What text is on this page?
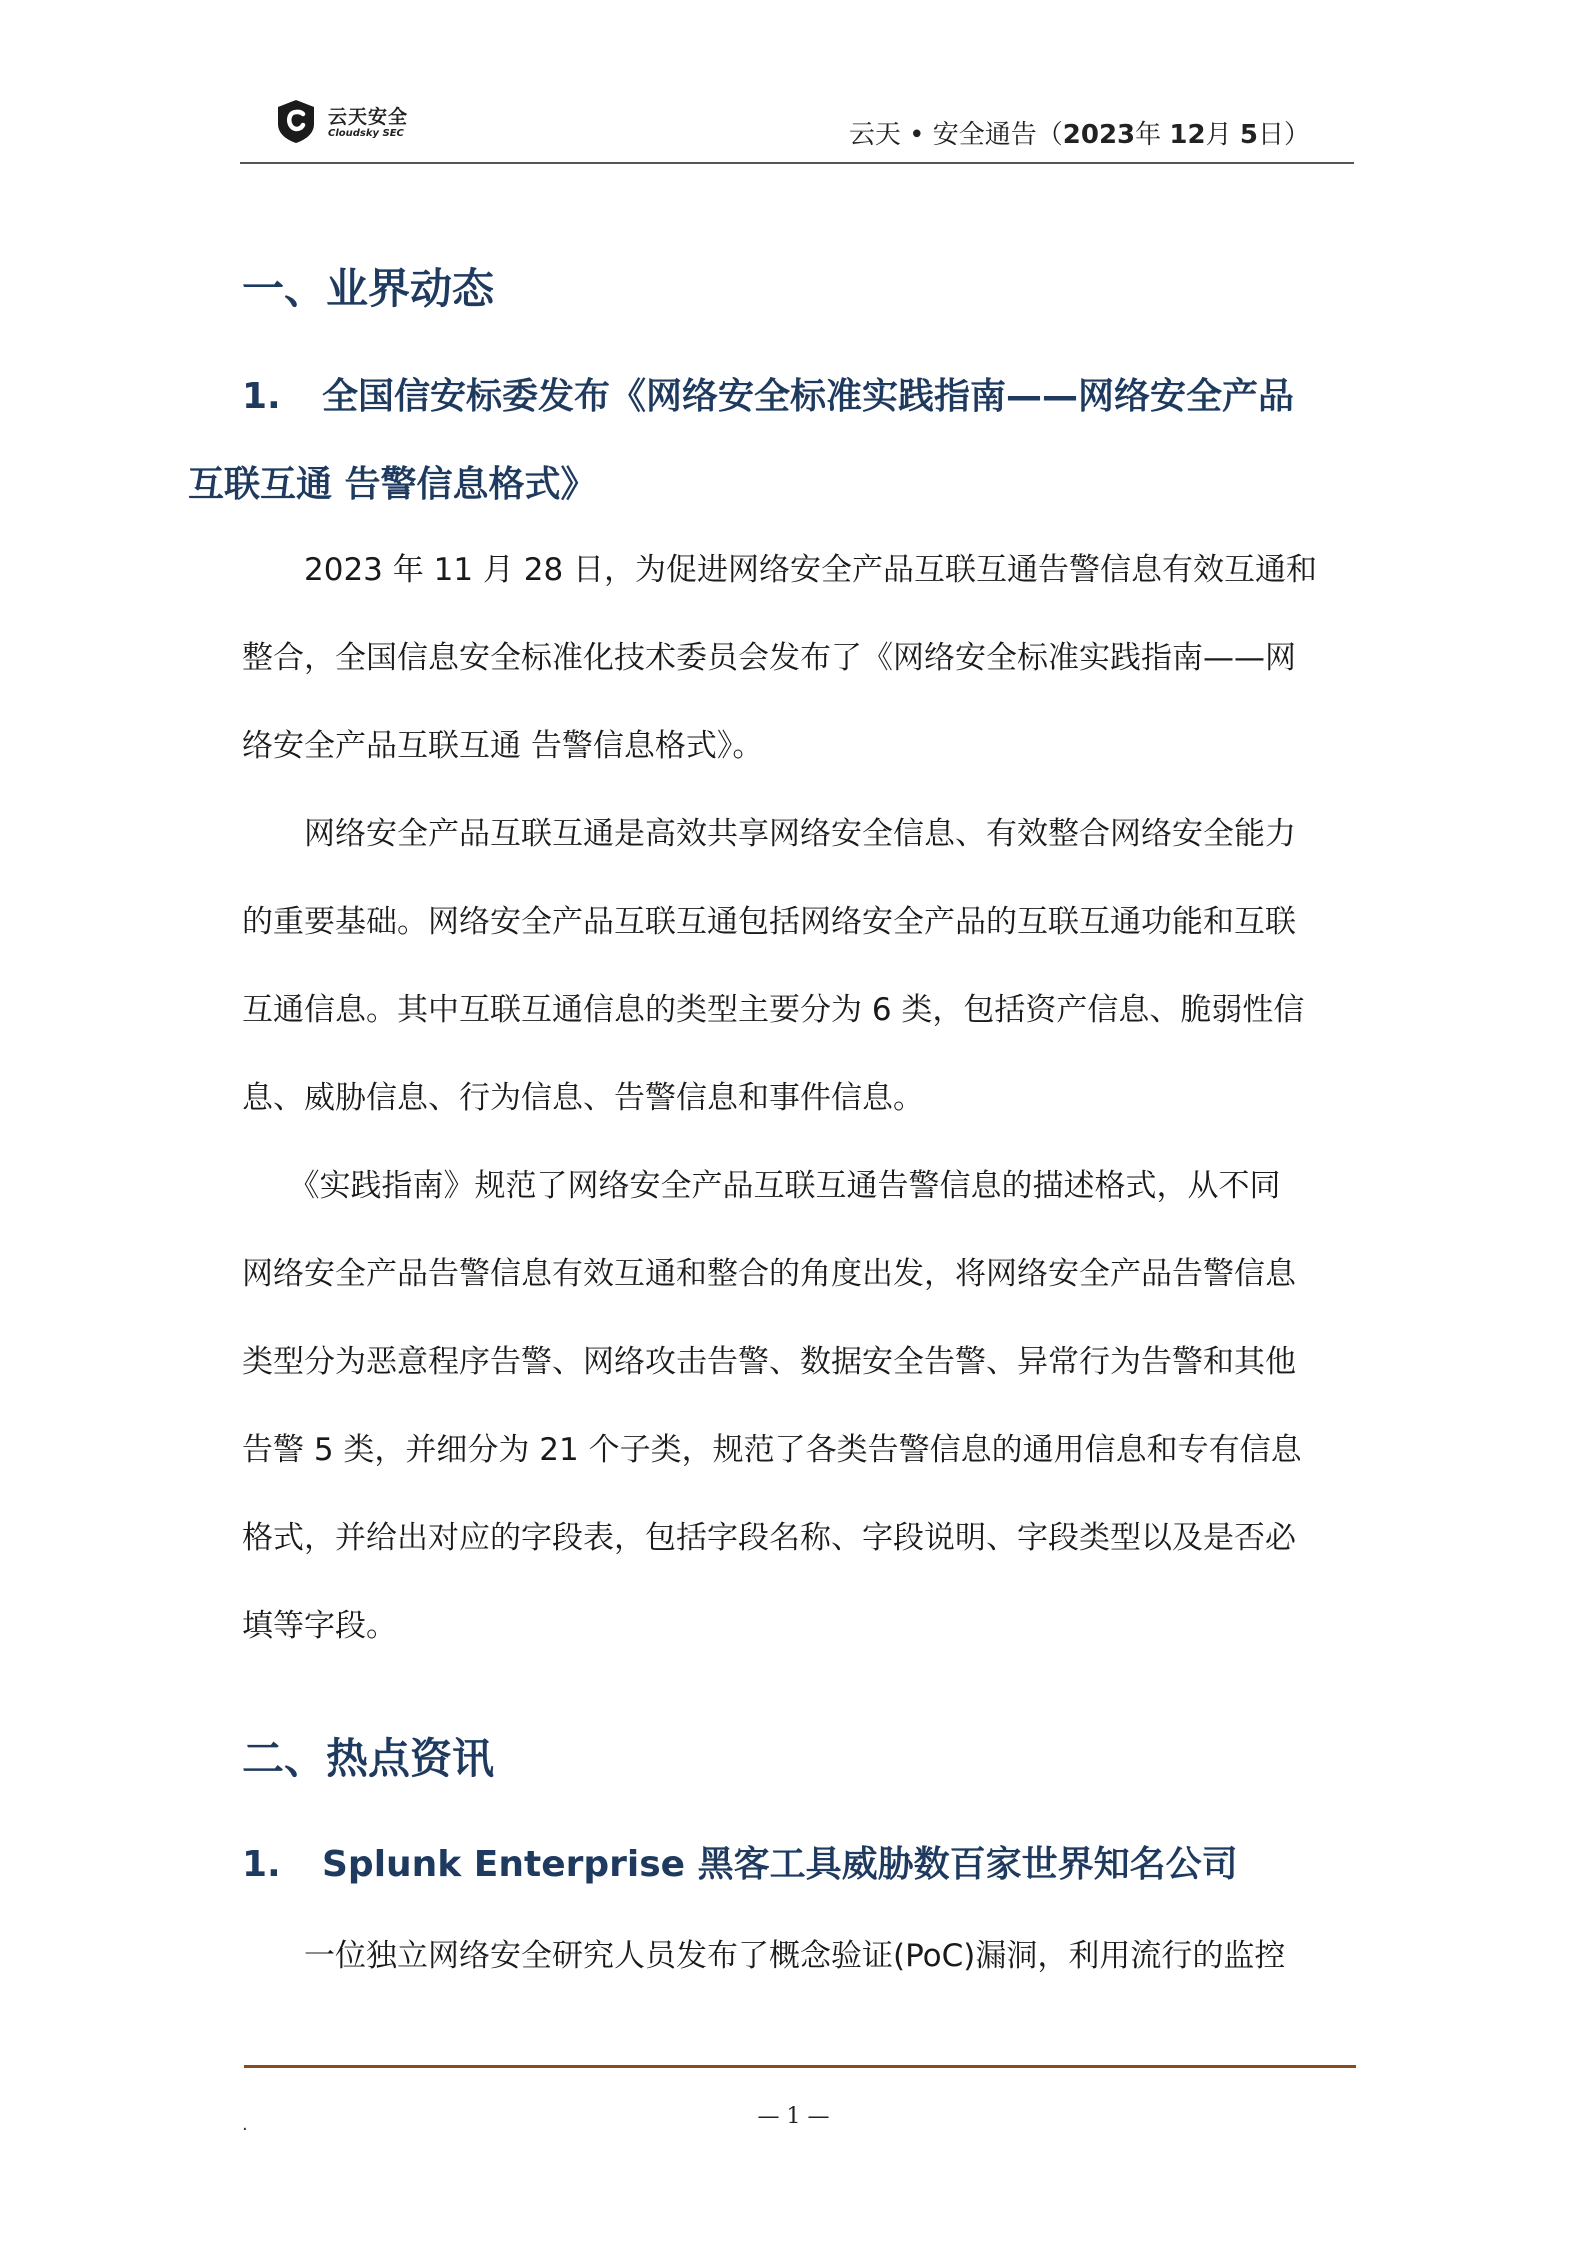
云天安全
Cloudsky SEC	云天 • 安全通告（2023年 12月 5日）
一、业界动态
1. 全国信安标委发布《网络安全标准实践指南——网络安全产品
互联互通 告警信息格式》
　　2023 年 11 月 28 日，为促进网络安全产品互联互通告警信息有效互通和
整合，全国信息安全标准化技术委员会发布了《网络安全标准实践指南——网
络安全产品互联互通 告警信息格式》。
　　网络安全产品互联互通是高效共享网络安全信息、有效整合网络安全能力
的重要基础。网络安全产品互联互通包括网络安全产品的互联互通功能和互联
互通信息。其中互联互通信息的类型主要分为 6 类，包括资产信息、脆弱性信
息、威胁信息、行为信息、告警信息和事件信息。
　　《实践指南》规范了网络安全产品互联互通告警信息的描述格式，从不同
网络安全产品告警信息有效互通和整合的角度出发，将网络安全产品告警信息
类型分为恶意程序告警、网络攻击告警、数据安全告警、异常行为告警和其他
告警 5 类，并细分为 21 个子类，规范了各类告警信息的通用信息和专有信息
格式，并给出对应的字段表，包括字段名称、字段说明、字段类型以及是否必
填等字段。
二、热点资讯
1. Splunk Enterprise 黑客工具威胁数百家世界知名公司
　　一位独立网络安全研究人员发布了概念验证(PoC)漏洞，利用流行的监控
.	— 1 —
